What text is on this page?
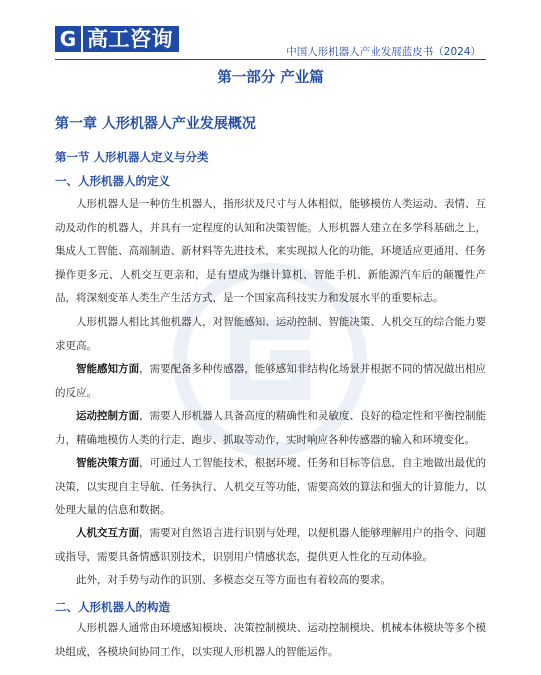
G 高工咨询
中国人形机器人产业发展蓝皮书（2024）
第一部分 产业篇
第一章 人形机器人产业发展概况
第一节 人形机器人定义与分类
一、人形机器人的定义

人形机器人是一种仿生机器人，指形状及尺寸与人体相似，能够模仿人类运动、表情、互动及动作的机器人，并具有一定程度的认知和决策智能。人形机器人建立在多学科基础之上，集成人工智能、高端制造、新材料等先进技术，来实现拟人化的功能，环境适应更通用、任务操作更多元、人机交互更亲和，是有望成为继计算机、智能手机、新能源汽车后的颠覆性产品，将深刻变革人类生产生活方式，是一个国家高科技实力和发展水平的重要标志。

人形机器人相比其他机器人，对智能感知、运动控制、智能决策、人机交互的综合能力要求更高。

智能感知方面，需要配备多种传感器，能够感知非结构化场景并根据不同的情况做出相应的反应。

运动控制方面，需要人形机器人具备高度的精确性和灵敏度、良好的稳定性和平衡控制能力，精确地模仿人类的行走、跑步、抓取等动作，实时响应各种传感器的输入和环境变化。

智能决策方面，可通过人工智能技术，根据环境、任务和目标等信息，自主地做出最优的决策，以实现自主导航、任务执行、人机交互等功能，需要高效的算法和强大的计算能力，以处理大量的信息和数据。

人机交互方面，需要对自然语言进行识别与处理，以便机器人能够理解用户的指令、问题或指导，需要具备情感识别技术，识别用户情感状态，提供更人性化的互动体验。

此外，对手势与动作的识别、多模态交互等方面也有着较高的要求。

二、人形机器人的构造

人形机器人通常由环境感知模块、决策控制模块、运动控制模块、机械本体模块等多个模块组成，各模块间协同工作，以实现人形机器人的智能运作。
